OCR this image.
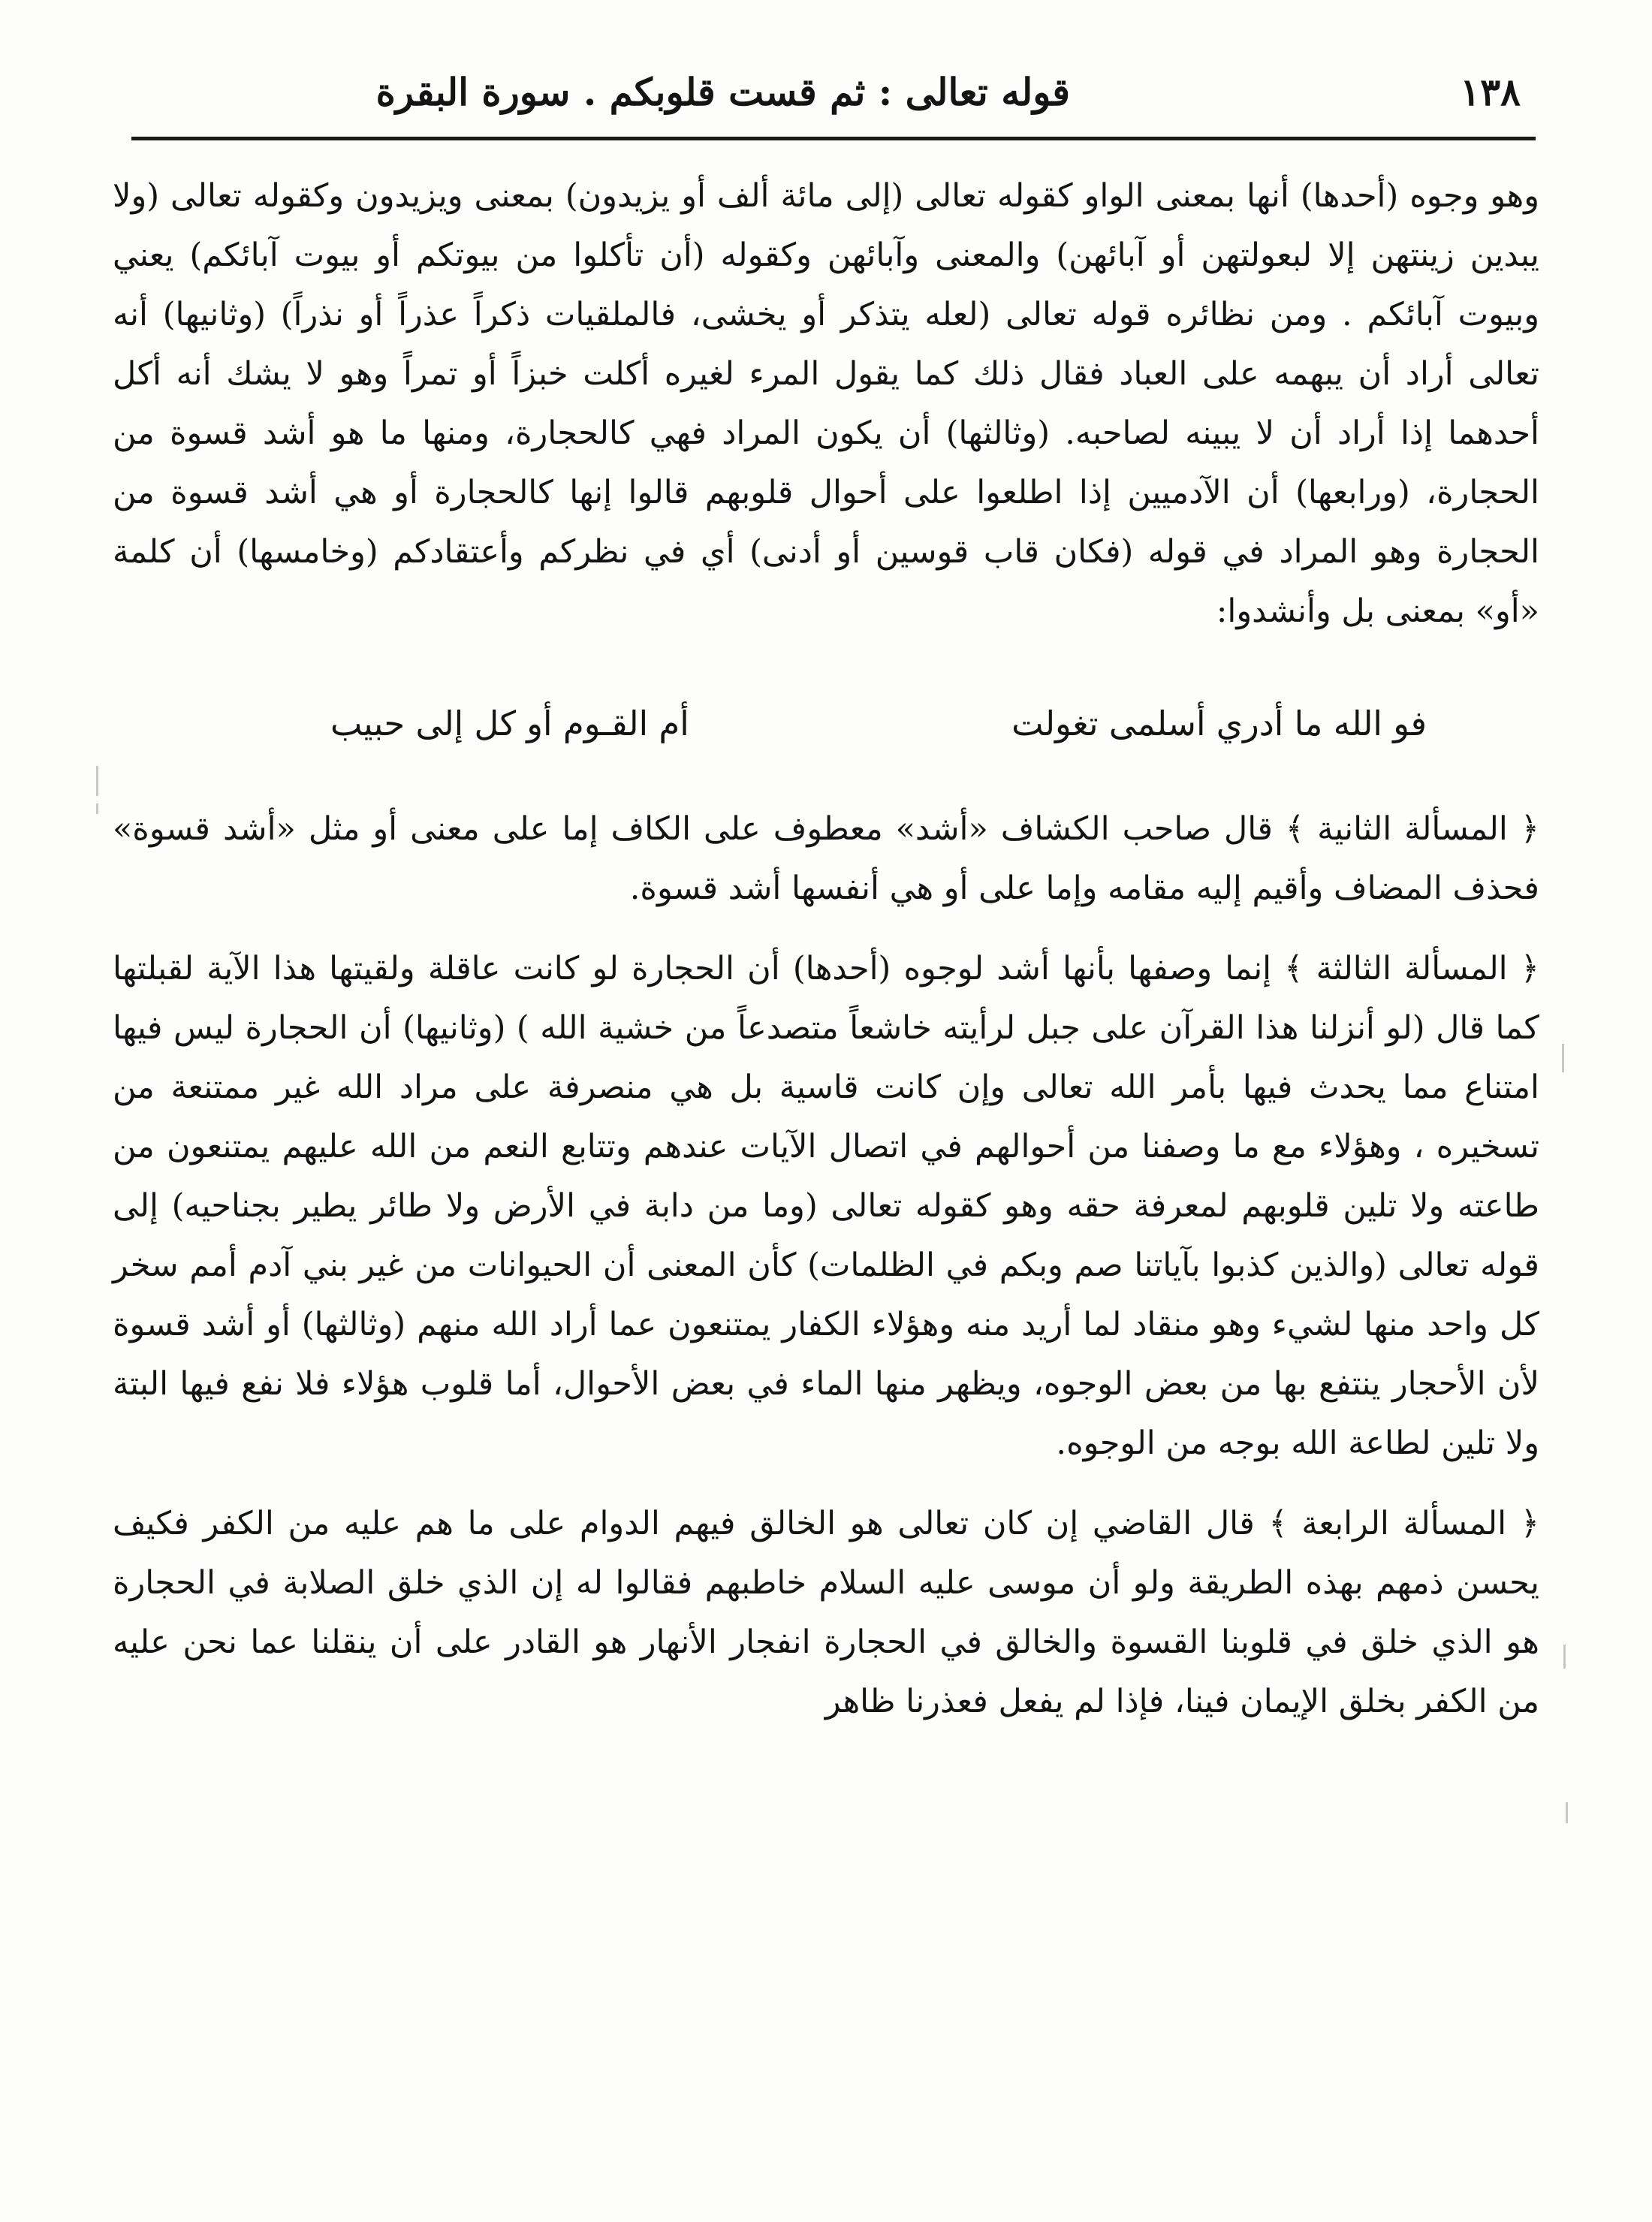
١٣٨
قوله تعالى : ثم قست قلوبكم . سورة البقرة

وهو وجوه (أحدها) أنها بمعنى الواو كقوله تعالى (إلى مائة ألف أو يزيدون) بمعنى ويزيدون وكقوله تعالى (ولا يبدين زينتهن إلا لبعولتهن أو آبائهن) والمعنى وآبائهن وكقوله (أن تأكلوا من بيوتكم أو بيوت آبائكم) يعني وبيوت آبائكم . ومن نظائره قوله تعالى (لعله يتذكر أو يخشى، فالملقيات ذكراً عذراً أو نذراً) (وثانيها) أنه تعالى أراد أن يبهمه على العباد فقال ذلك كما يقول المرء لغيره أكلت خبزاً أو تمراً وهو لا يشك أنه أكل أحدهما إذا أراد أن لا يبينه لصاحبه. (وثالثها) أن يكون المراد فهي كالحجارة، ومنها ما هو أشد قسوة من الحجارة، (ورابعها) أن الآدميين إذا اطلعوا على أحوال قلوبهم قالوا إنها كالحجارة أو هي أشد قسوة من الحجارة وهو المراد في قوله (فكان قاب قوسين أو أدنى) أي في نظركم وأعتقادكم (وخامسها) أن كلمة «أو» بمعنى بل وأنشدوا:

فو الله ما أدري أسلمى تغولت
أم القـوم أو كل إلى حبيب

﴿ المسألة الثانية ﴾ قال صاحب الكشاف «أشد» معطوف على الكاف إما على معنى أو مثل «أشد قسوة» فحذف المضاف وأقيم إليه مقامه وإما على أو هي أنفسها أشد قسوة.

﴿ المسألة الثالثة ﴾ إنما وصفها بأنها أشد لوجوه (أحدها) أن الحجارة لو كانت عاقلة ولقيتها هذا الآية لقبلتها كما قال (لو أنزلنا هذا القرآن على جبل لرأيته خاشعاً متصدعاً من خشية الله ) (وثانيها) أن الحجارة ليس فيها امتناع مما يحدث فيها بأمر الله تعالى وإن كانت قاسية بل هي منصرفة على مراد الله غير ممتنعة من تسخيره ، وهؤلاء مع ما وصفنا من أحوالهم في اتصال الآيات عندهم وتتابع النعم من الله عليهم يمتنعون من طاعته ولا تلين قلوبهم لمعرفة حقه وهو كقوله تعالى (وما من دابة في الأرض ولا طائر يطير بجناحيه) إلى قوله تعالى (والذين كذبوا بآياتنا صم وبكم في الظلمات) كأن المعنى أن الحيوانات من غير بني آدم أمم سخر كل واحد منها لشيء وهو منقاد لما أريد منه وهؤلاء الكفار يمتنعون عما أراد الله منهم (وثالثها) أو أشد قسوة لأن الأحجار ينتفع بها من بعض الوجوه، ويظهر منها الماء في بعض الأحوال، أما قلوب هؤلاء فلا نفع فيها البتة ولا تلين لطاعة الله بوجه من الوجوه.

﴿ المسألة الرابعة ﴾ قال القاضي إن كان تعالى هو الخالق فيهم الدوام على ما هم عليه من الكفر فكيف يحسن ذمهم بهذه الطريقة ولو أن موسى عليه السلام خاطبهم فقالوا له إن الذي خلق الصلابة في الحجارة هو الذي خلق في قلوبنا القسوة والخالق في الحجارة انفجار الأنهار هو القادر على أن ينقلنا عما نحن عليه من الكفر بخلق الإيمان فينا، فإذا لم يفعل فعذرنا ظاهر
